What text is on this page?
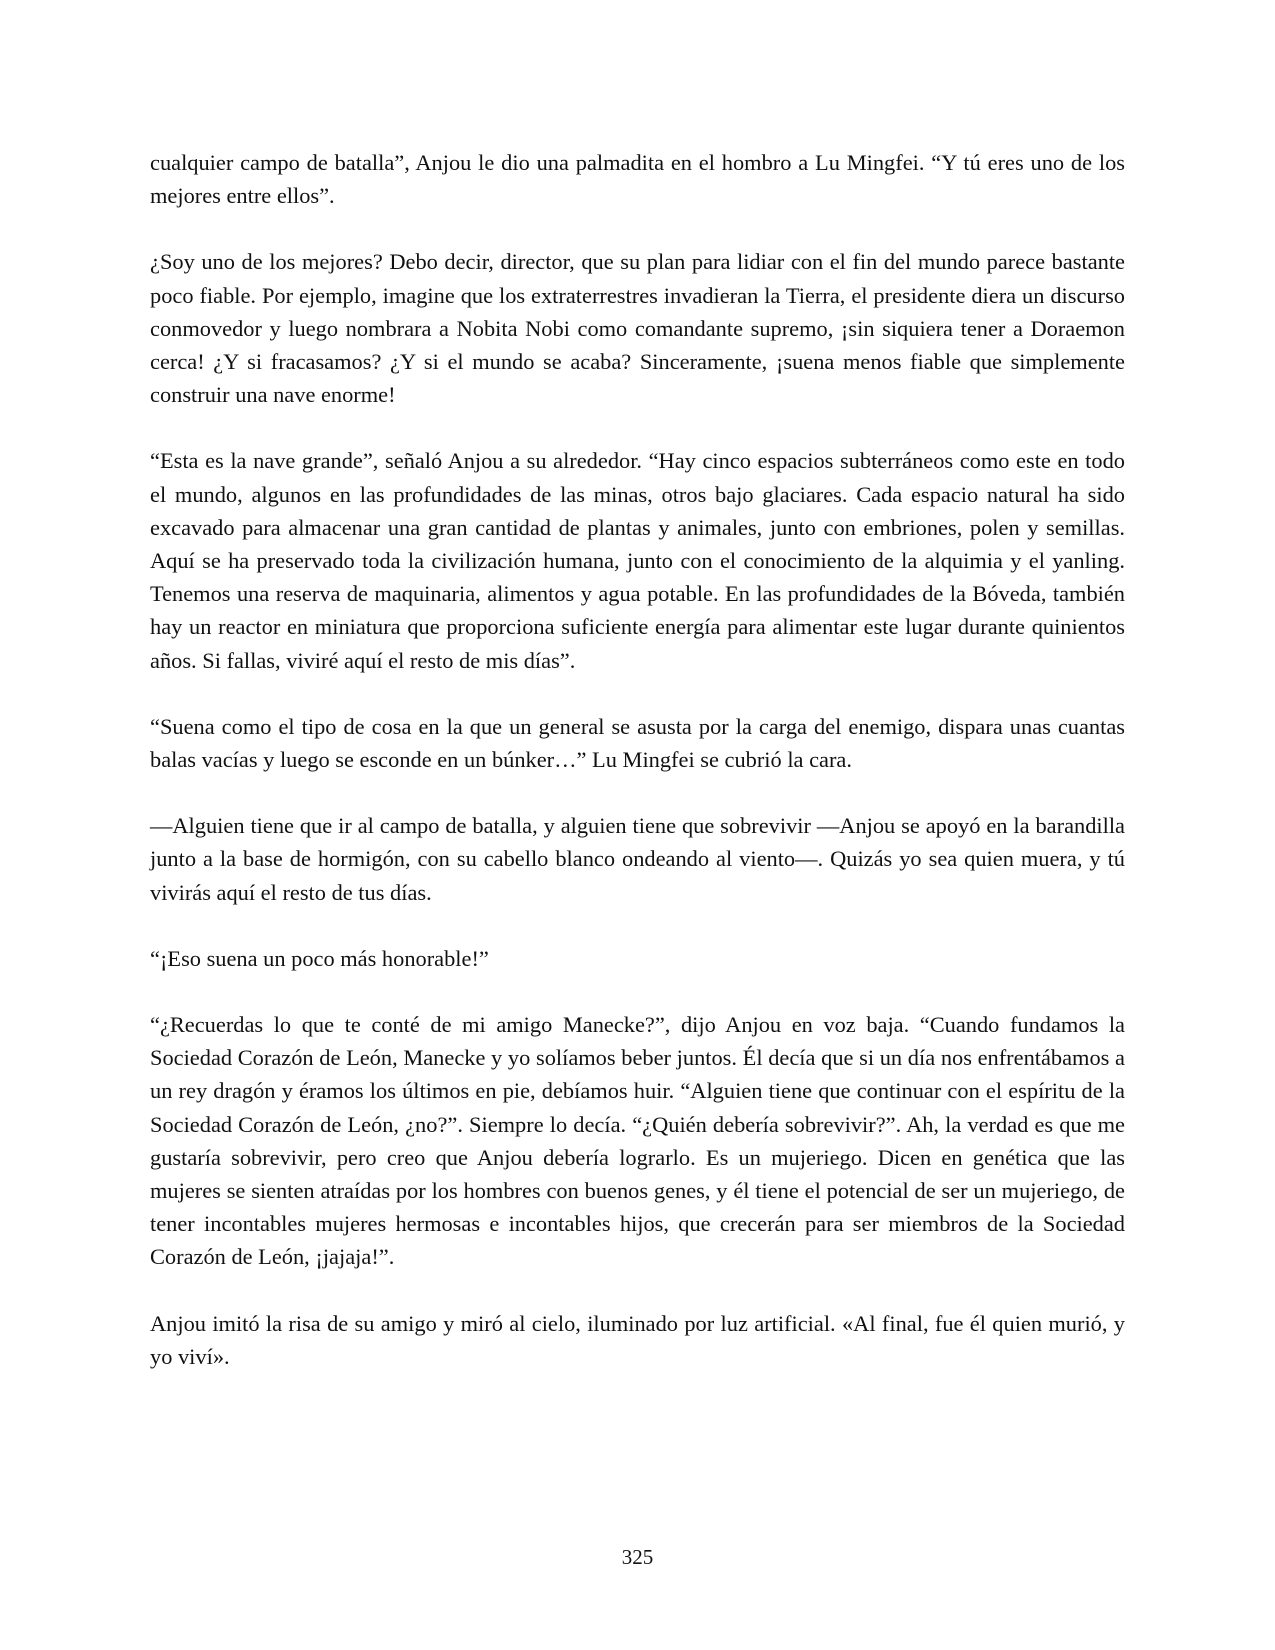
cualquier campo de batalla”, Anjou le dio una palmadita en el hombro a Lu Mingfei. “Y tú eres uno de los mejores entre ellos”.

¿Soy uno de los mejores? Debo decir, director, que su plan para lidiar con el fin del mundo parece bastante poco fiable. Por ejemplo, imagine que los extraterrestres invadieran la Tierra, el presidente diera un discurso conmovedor y luego nombrara a Nobita Nobi como comandante supremo, ¡sin siquiera tener a Doraemon cerca! ¿Y si fracasamos? ¿Y si el mundo se acaba? Sinceramente, ¡suena menos fiable que simplemente construir una nave enorme!

“Esta es la nave grande”, señaló Anjou a su alrededor. “Hay cinco espacios subterráneos como este en todo el mundo, algunos en las profundidades de las minas, otros bajo glaciares. Cada espacio natural ha sido excavado para almacenar una gran cantidad de plantas y animales, junto con embriones, polen y semillas. Aquí se ha preservado toda la civilización humana, junto con el conocimiento de la alquimia y el yanling. Tenemos una reserva de maquinaria, alimentos y agua potable. En las profundidades de la Bóveda, también hay un reactor en miniatura que proporciona suficiente energía para alimentar este lugar durante quinientos años. Si fallas, viviré aquí el resto de mis días”.

“Suena como el tipo de cosa en la que un general se asusta por la carga del enemigo, dispara unas cuantas balas vacías y luego se esconde en un búnker…” Lu Mingfei se cubrió la cara.

—Alguien tiene que ir al campo de batalla, y alguien tiene que sobrevivir —Anjou se apoyó en la barandilla junto a la base de hormigón, con su cabello blanco ondeando al viento—. Quizás yo sea quien muera, y tú vivirás aquí el resto de tus días.

“¡Eso suena un poco más honorable!”

“¿Recuerdas lo que te conté de mi amigo Manecke?”, dijo Anjou en voz baja. “Cuando fundamos la Sociedad Corazón de León, Manecke y yo solíamos beber juntos. Él decía que si un día nos enfrentábamos a un rey dragón y éramos los últimos en pie, debíamos huir. “Alguien tiene que continuar con el espíritu de la Sociedad Corazón de León, ¿no?”. Siempre lo decía. “¿Quién debería sobrevivir?”. Ah, la verdad es que me gustaría sobrevivir, pero creo que Anjou debería lograrlo. Es un mujeriego. Dicen en genética que las mujeres se sienten atraídas por los hombres con buenos genes, y él tiene el potencial de ser un mujeriego, de tener incontables mujeres hermosas e incontables hijos, que crecerán para ser miembros de la Sociedad Corazón de León, ¡jajaja!”.

Anjou imitó la risa de su amigo y miró al cielo, iluminado por luz artificial. «Al final, fue él quien murió, y yo viví».

325
